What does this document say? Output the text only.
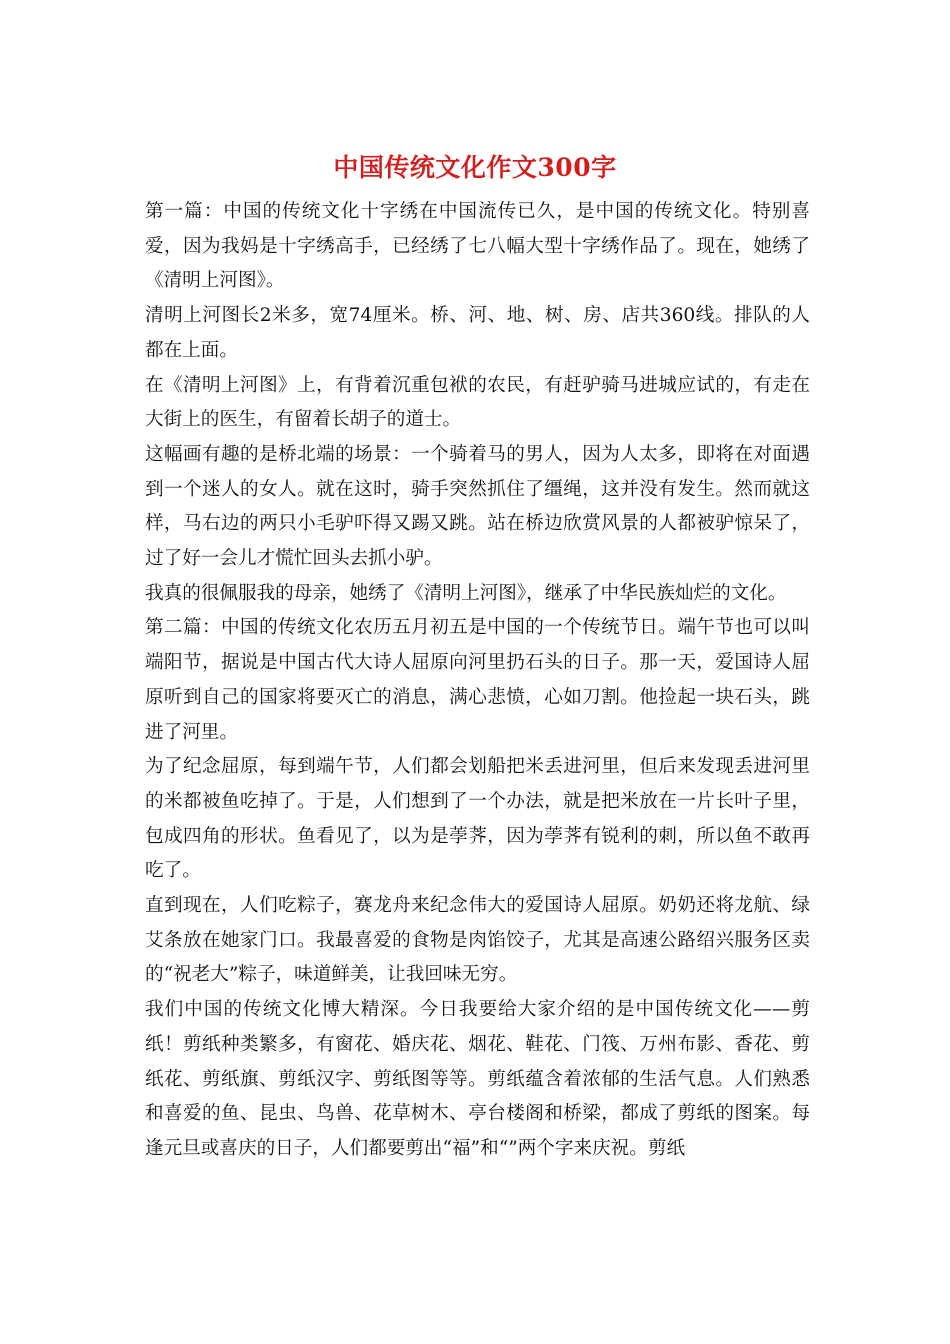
中国传统文化作文300字

第一篇：中国的传统文化十字绣在中国流传已久，是中国的传统文化。特别喜爱，因为我妈是十字绣高手，已经绣了七八幅大型十字绣作品了。现在，她绣了《清明上河图》。

清明上河图长2米多，宽74厘米。桥、河、地、树、房、店共360线。排队的人都在上面。

在《清明上河图》上，有背着沉重包袱的农民，有赶驴骑马进城应试的，有走在大街上的医生，有留着长胡子的道士。

这幅画有趣的是桥北端的场景：一个骑着马的男人，因为人太多，即将在对面遇到一个迷人的女人。就在这时，骑手突然抓住了缰绳，这并没有发生。然而就这样，马右边的两只小毛驴吓得又踢又跳。站在桥边欣赏风景的人都被驴惊呆了，过了好一会儿才慌忙回头去抓小驴。

我真的很佩服我的母亲，她绣了《清明上河图》，继承了中华民族灿烂的文化。

第二篇：中国的传统文化农历五月初五是中国的一个传统节日。端午节也可以叫端阳节，据说是中国古代大诗人屈原向河里扔石头的日子。那一天，爱国诗人屈原听到自己的国家将要灭亡的消息，满心悲愤，心如刀割。他捡起一块石头，跳进了河里。

为了纪念屈原，每到端午节，人们都会划船把米丢进河里，但后来发现丢进河里的米都被鱼吃掉了。于是，人们想到了一个办法，就是把米放在一片长叶子里，包成四角的形状。鱼看见了，以为是荸荠，因为荸荠有锐利的刺，所以鱼不敢再吃了。

直到现在，人们吃粽子，赛龙舟来纪念伟大的爱国诗人屈原。奶奶还将龙航、绿艾条放在她家门口。我最喜爱的食物是肉馅饺子，尤其是高速公路绍兴服务区卖的“祝老大”粽子，味道鲜美，让我回味无穷。

我们中国的传统文化博大精深。今日我要给大家介绍的是中国传统文化——剪纸！剪纸种类繁多，有窗花、婚庆花、烟花、鞋花、门筏、万州布影、香花、剪纸花、剪纸旗、剪纸汉字、剪纸图等等。剪纸蕴含着浓郁的生活气息。人们熟悉和喜爱的鱼、昆虫、鸟兽、花草树木、亭台楼阁和桥梁，都成了剪纸的图案。每逢元旦或喜庆的日子，人们都要剪出“福”和“”两个字来庆祝。剪纸
